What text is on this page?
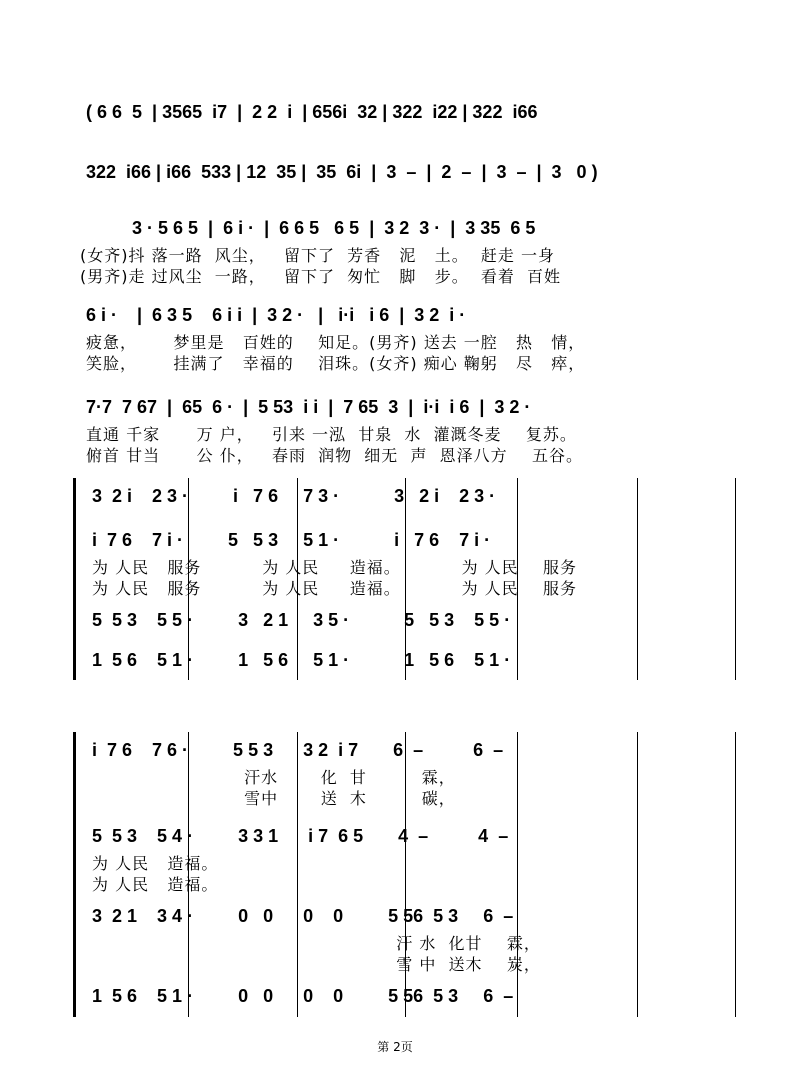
( 6 6  5  | 3565  i7  |  2 2  i  | 656i  32 | 322  i22 | 322  i66
322  i66 | i66  533 | 12  35 |  35  6i  |  3  –  |  2  –  |  3  –  |  3   0 )
3 · 5 6 5  |  6 i ·  |  6 6 5   6 5  |  3 2  3 ·  |  3 35  6 5
(女齐)抖 落一路  风尘，   留下了  芳香   泥   土。  赶走 一身
(男齐)走 过风尘  一路，   留下了  匆忙   脚   步。  看着  百姓
6 i ·    |  6 3 5    6 i i  |  3 2 ·   |   i·i   i 6  |  3 2  i ·
疲惫，      梦里是   百姓的    知足。(男齐) 送去 一腔   热   情，
笑脸，      挂满了   幸福的    泪珠。(女齐) 痴心 鞠躬   尽   瘁，
7·7  7 67  |  65  6 ·  |  5 53  i i  |  7 65  3  |  i·i  i 6  |  3 2 ·
直通 千家      万 户，   引来 一泓  甘泉  水  灌溉冬麦    复苏。
俯首 甘当      公 仆，   春雨  润物  细无  声  恩泽八方    五谷。
3  2 i    2 3 ·         i   7 6     7 3 ·           3   2 i    2 3 ·
i  7 6    7 i ·         5   5 3     5 1 ·           i   7 6    7 i ·
为 人民   服务          为 人民     造福。          为 人民    服务
为 人民   服务          为 人民     造福。          为 人民    服务
5  5 3    5 5 ·         3   2 1     3 5 ·           5   5 3    5 5 ·
1  5 6    5 1 ·         1   5 6     5 1 ·           1   5 6    5 1 ·
i  7 6    7 6 ·         5 5 3      3 2  i 7       6  –          6  –
汗水       化  甘         霖，
雪中       送  木         碳，
5  5 3    5 4 ·         3 3 1      i 7  6 5       4  –          4  –
为 人民   造福。
为 人民   造福。
3  2 1    3 4 ·         0   0      0    0         5 56  5 3     6  –
汗 水  化甘    霖，
雪 中  送木    炭，
1  5 6    5 1 ·         0   0      0    0         5 56  5 3     6  –
第 2页
